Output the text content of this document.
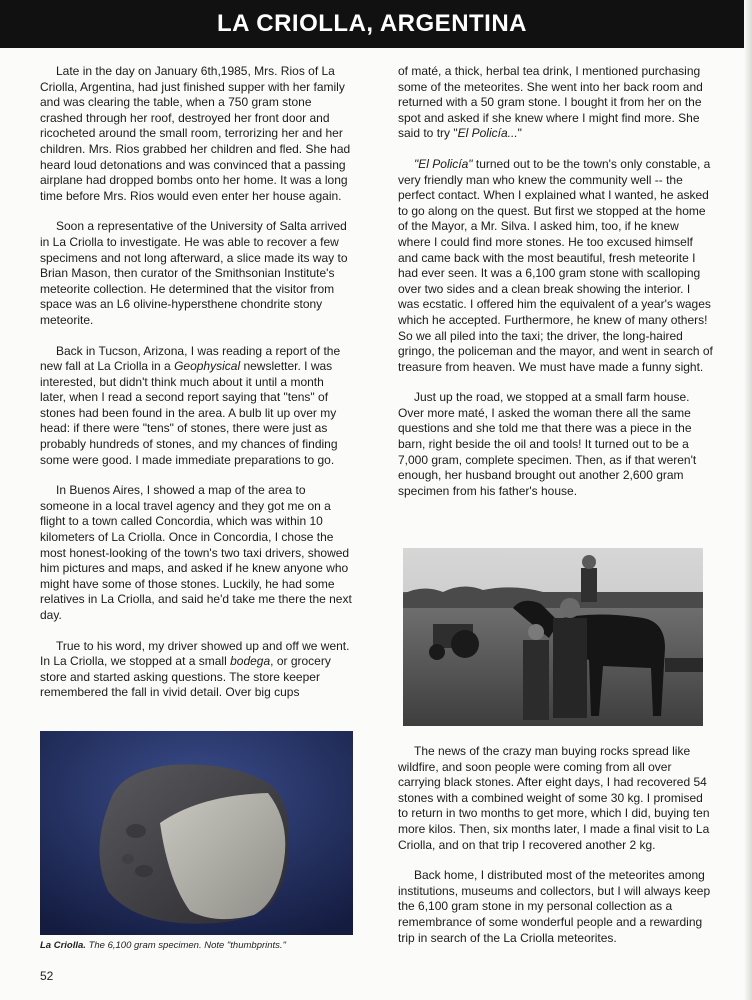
LA CRIOLLA, ARGENTINA

Late in the day on January 6th,1985, Mrs. Rios of La Criolla, Argentina, had just finished supper with her family and was clearing the table, when a 750 gram stone crashed through her roof, destroyed her front door and ricocheted around the small room, terrorizing her and her children. Mrs. Rios grabbed her children and fled. She had heard loud detonations and was convinced that a passing airplane had dropped bombs onto her home. It was a long time before Mrs. Rios would even enter her house again.

Soon a representative of the University of Salta arrived in La Criolla to investigate. He was able to recover a few specimens and not long afterward, a slice made its way to Brian Mason, then curator of the Smithsonian Institute's meteorite collection. He determined that the visitor from space was an L6 olivine-hypersthene chondrite stony meteorite.

Back in Tucson, Arizona, I was reading a report of the new fall at La Criolla in a Geophysical newsletter. I was interested, but didn't think much about it until a month later, when I read a second report saying that "tens" of stones had been found in the area. A bulb lit up over my head: if there were "tens" of stones, there were just as probably hundreds of stones, and my chances of finding some were good. I made immediate preparations to go.

In Buenos Aires, I showed a map of the area to someone in a local travel agency and they got me on a flight to a town called Concordia, which was within 10 kilometers of La Criolla. Once in Concordia, I chose the most honest-looking of the town's two taxi drivers, showed him pictures and maps, and asked if he knew anyone who might have some of those stones. Luckily, he had some relatives in La Criolla, and said he'd take me there the next day.

True to his word, my driver showed up and off we went. In La Criolla, we stopped at a small bodega, or grocery store and started asking questions. The store keeper remembered the fall in vivid detail. Over big cups

of maté, a thick, herbal tea drink, I mentioned purchasing some of the meteorites. She went into her back room and returned with a 50 gram stone. I bought it from her on the spot and asked if she knew where I might find more. She said to try "El Policía..."

"El Policía" turned out to be the town's only constable, a very friendly man who knew the community well -- the perfect contact. When I explained what I wanted, he asked to go along on the quest. But first we stopped at the home of the Mayor, a Mr. Silva. I asked him, too, if he knew where I could find more stones. He too excused himself and came back with the most beautiful, fresh meteorite I had ever seen. It was a 6,100 gram stone with scalloping over two sides and a clean break showing the interior. I was ecstatic. I offered him the equivalent of a year's wages which he accepted. Furthermore, he knew of many others! So we all piled into the taxi; the driver, the long-haired gringo, the policeman and the mayor, and went in search of treasure from heaven. We must have made a funny sight.

Just up the road, we stopped at a small farm house. Over more maté, I asked the woman there all the same questions and she told me that there was a piece in the barn, right beside the oil and tools! It turned out to be a 7,000 gram, complete specimen. Then, as if that weren't enough, her husband brought out another 2,600 gram specimen from his father's house.

The news of the crazy man buying rocks spread like wildfire, and soon people were coming from all over carrying black stones. After eight days, I had recovered 54 stones with a combined weight of some 30 kg. I promised to return in two months to get more, which I did, buying ten more kilos. Then, six months later, I made a final visit to La Criolla, and on that trip I recovered another 2 kg.

Back home, I distributed most of the meteorites among institutions, museums and collectors, but I will always keep the 6,100 gram stone in my personal collection as a remembrance of some wonderful people and a rewarding trip in search of the La Criolla meteorites.

La Criolla. The 6,100 gram specimen. Note "thumbprints."
52
